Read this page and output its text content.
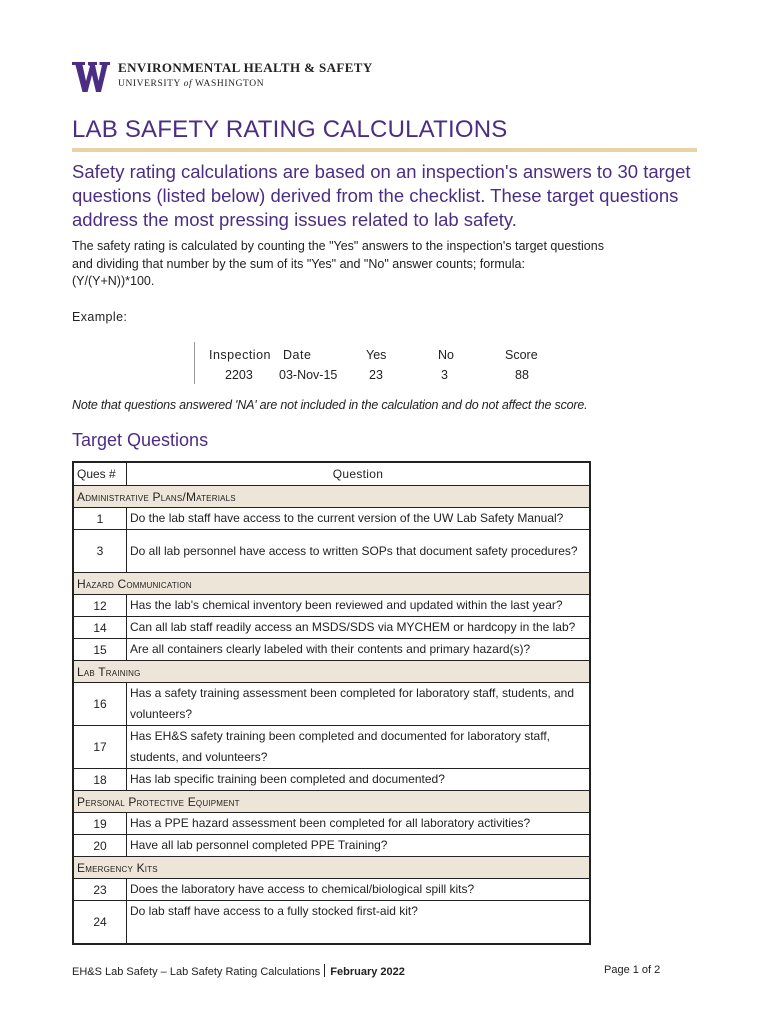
ENVIRONMENTAL HEALTH & SAFETY
UNIVERSITY of WASHINGTON
LAB SAFETY RATING CALCULATIONS
Safety rating calculations are based on an inspection's answers to 30 target questions (listed below) derived from the checklist. These target questions address the most pressing issues related to lab safety.
The safety rating is calculated by counting the "Yes" answers to the inspection's target questions
and dividing that number by the sum of its "Yes" and "No" answer counts; formula:
(Y/(Y+N))*100.
Example:
Inspection Date	Yes	No	Score
2203 03-Nov-15	23	3	88
Note that questions answered 'NA' are not included in the calculation and do not affect the score.
Target Questions
Ques #	Question
Administrative Plans/Materials	
1	Do the lab staff have access to the current version of the UW Lab Safety Manual?
3	Do all lab personnel have access to written SOPs that document safety procedures?
Hazard Communication	
12	Has the lab's chemical inventory been reviewed and updated within the last year?
14	Can all lab staff readily access an MSDS/SDS via MYCHEM or hardcopy in the lab?
15	Are all containers clearly labeled with their contents and primary hazard(s)?
Lab Training	
16	Has a safety training assessment been completed for laboratory staff, students, and volunteers?
17	Has EH&S safety training been completed and documented for laboratory staff, students, and volunteers?
18	Has lab specific training been completed and documented?
Personal Protective Equipment	
19	Has a PPE hazard assessment been completed for all laboratory activities?
20	Have all lab personnel completed PPE Training?
Emergency Kits	
23	Does the laboratory have access to chemical/biological spill kits?
24	Do lab staff have access to a fully stocked first-aid kit?
EH&S Lab Safety – Lab Safety Rating Calculations February 2022	Page 1 of 2
